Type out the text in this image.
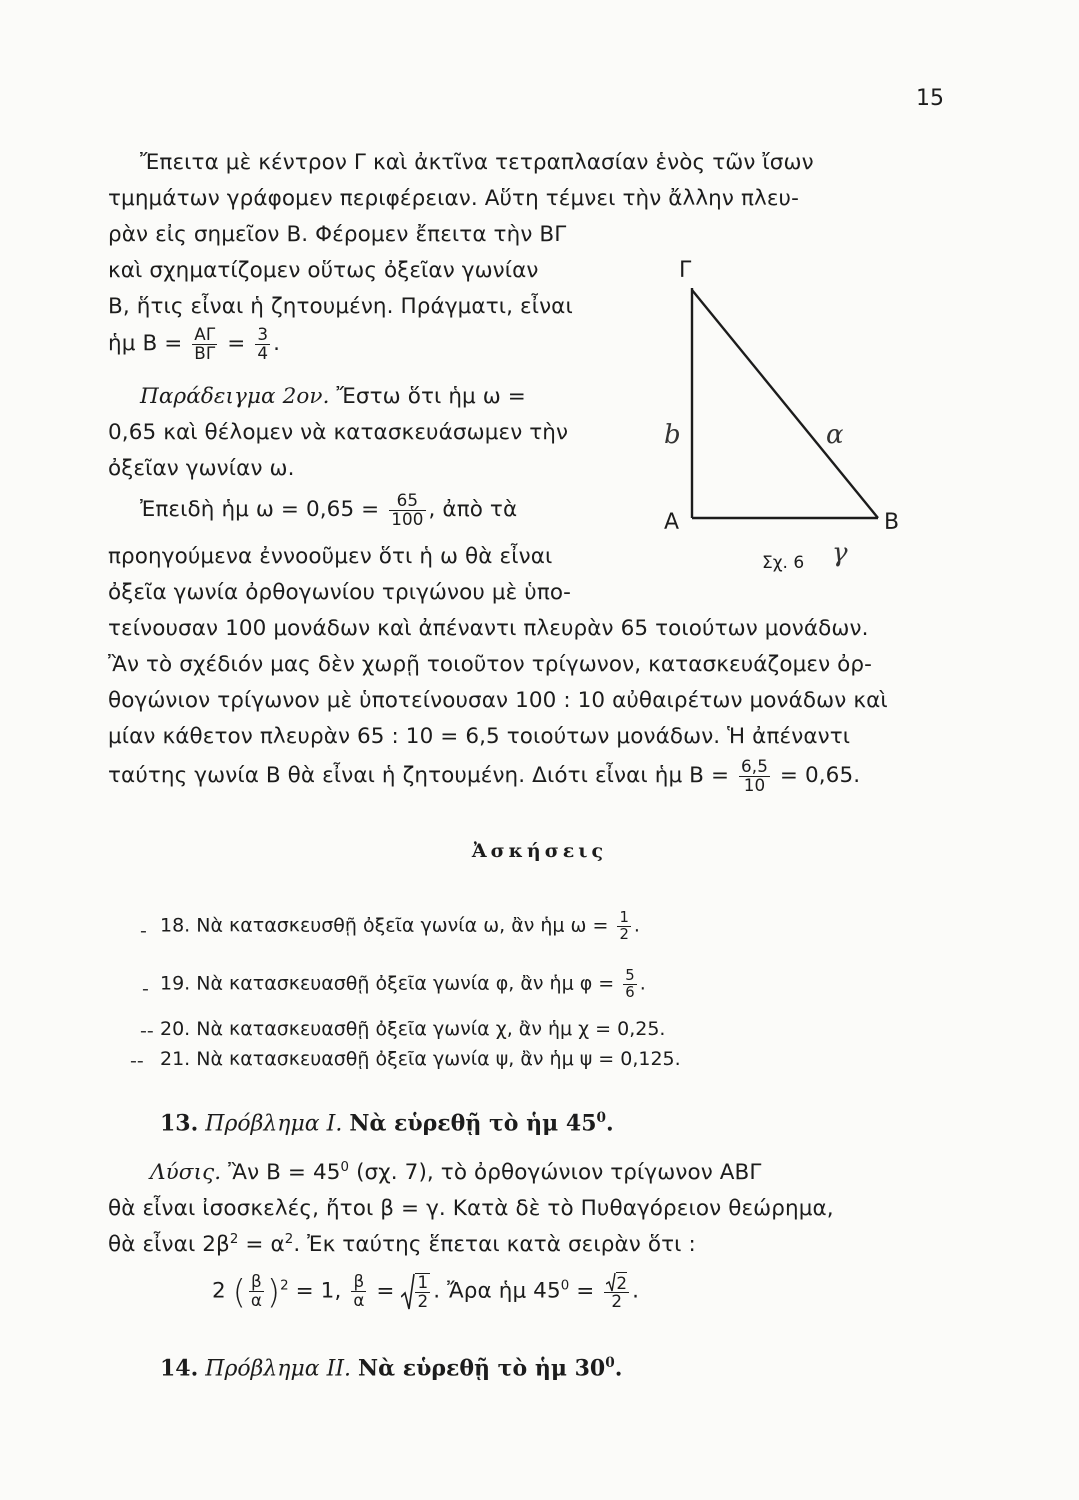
15
Ἔπειτα μὲ κέντρον Γ καὶ ἀκτῖνα τετραπλασίαν ἑνὸς τῶν ἴσων
τμημάτων γράφομεν περιφέρειαν. Αὕτη τέμνει τὴν ἄλλην πλευ-
ρὰν εἰς σημεῖον Β. Φέρομεν ἔπειτα τὴν ΒΓ
καὶ σχηματίζομεν οὕτως ὀξεῖαν γωνίαν
Β, ἥτις εἶναι ἡ ζητουμένη. Πράγματι, εἶναι
ἡμ $B = \frac{A\Gamma}{B\Gamma} = \frac{3}{4}$ .
Παράδειγμα 2ον. Ἔστω ὅτι ἡμ ω =
0,65 καὶ θέλομεν νὰ κατασκευάσωμεν τὴν
ὀξεῖαν γωνίαν ω.
Ἐπειδὴ ἡμ $\omega = 0,65 = \frac{65}{100}$ , ἀπὸ τὰ
προηγούμενα ἐννοοῦμεν ὅτι ἡ ω θὰ εἶναι
ὀξεῖα γωνία ὀρθογωνίου τριγώνου μὲ ὑπο-
τείνουσαν 100 μονάδων καὶ ἀπέναντι πλευρὰν 65 τοιούτων μονάδων.
Ἂν τὸ σχέδιόν μας δὲν χωρῇ τοιοῦτον τρίγωνον, κατασκευάζομεν ὀρ-
θογώνιον τρίγωνον μὲ ὑποτείνουσαν 100 : 10 αὐθαιρέτων μονάδων καὶ
μίαν κάθετον πλευρὰν 65 : 10 = 6,5 τοιούτων μονάδων. Ἡ ἀπέναντι
ταύτης γωνία Β θὰ εἶναι ἡ ζητουμένη. Διότι εἶναι ἡμ $B = \frac{6,5}{10} = 0,65$.
Γ
Α	Β
Σχ. 6
b	α
γ
Ἀσκήσεις
‐ 18. Νὰ κατασκευσθῇ ὀξεῖα γωνία ω, ἂν ἡμ $\omega = \frac{1}{2}$ .
‐ 19. Νὰ κατασκευασθῇ ὀξεῖα γωνία φ, ἂν ἡμ $\varphi = \frac{5}{6}$ .
‐‐ 20. Νὰ κατασκευασθῇ ὀξεῖα γωνία χ, ἂν ἡμ χ = 0,25.
‐‐ 21. Νὰ κατασκευασθῇ ὀξεῖα γωνία ψ, ἂν ἡμ ψ = 0,125.
13. Πρόβλημα Ι. Νὰ εὑρεθῇ τὸ ἡμ $45^0$.
Λύσις. Ἂν $B = 45^0$ (σχ. 7), τὸ ὀρθογώνιον τρίγωνον ΑΒΓ
θὰ εἶναι ἰσοσκελές, ἤτοι β = γ. Κατὰ δὲ τὸ Πυθαγόρειον θεώρημα,
θὰ εἶναι $2\beta^2 = \alpha^2$. Ἐκ ταύτης ἕπεται κατὰ σειρὰν ὅτι :
2 ( $\frac{\beta}{\alpha} )^2 = 1$, $\frac{\beta}{\alpha} = \frac{1}{2}$ . Ἄρα ἡμ $45^0 = \frac{2}{2}$ .
14. Πρόβλημα ΙΙ. Νὰ εὑρεθῇ τὸ ἡμ $30^0$.
